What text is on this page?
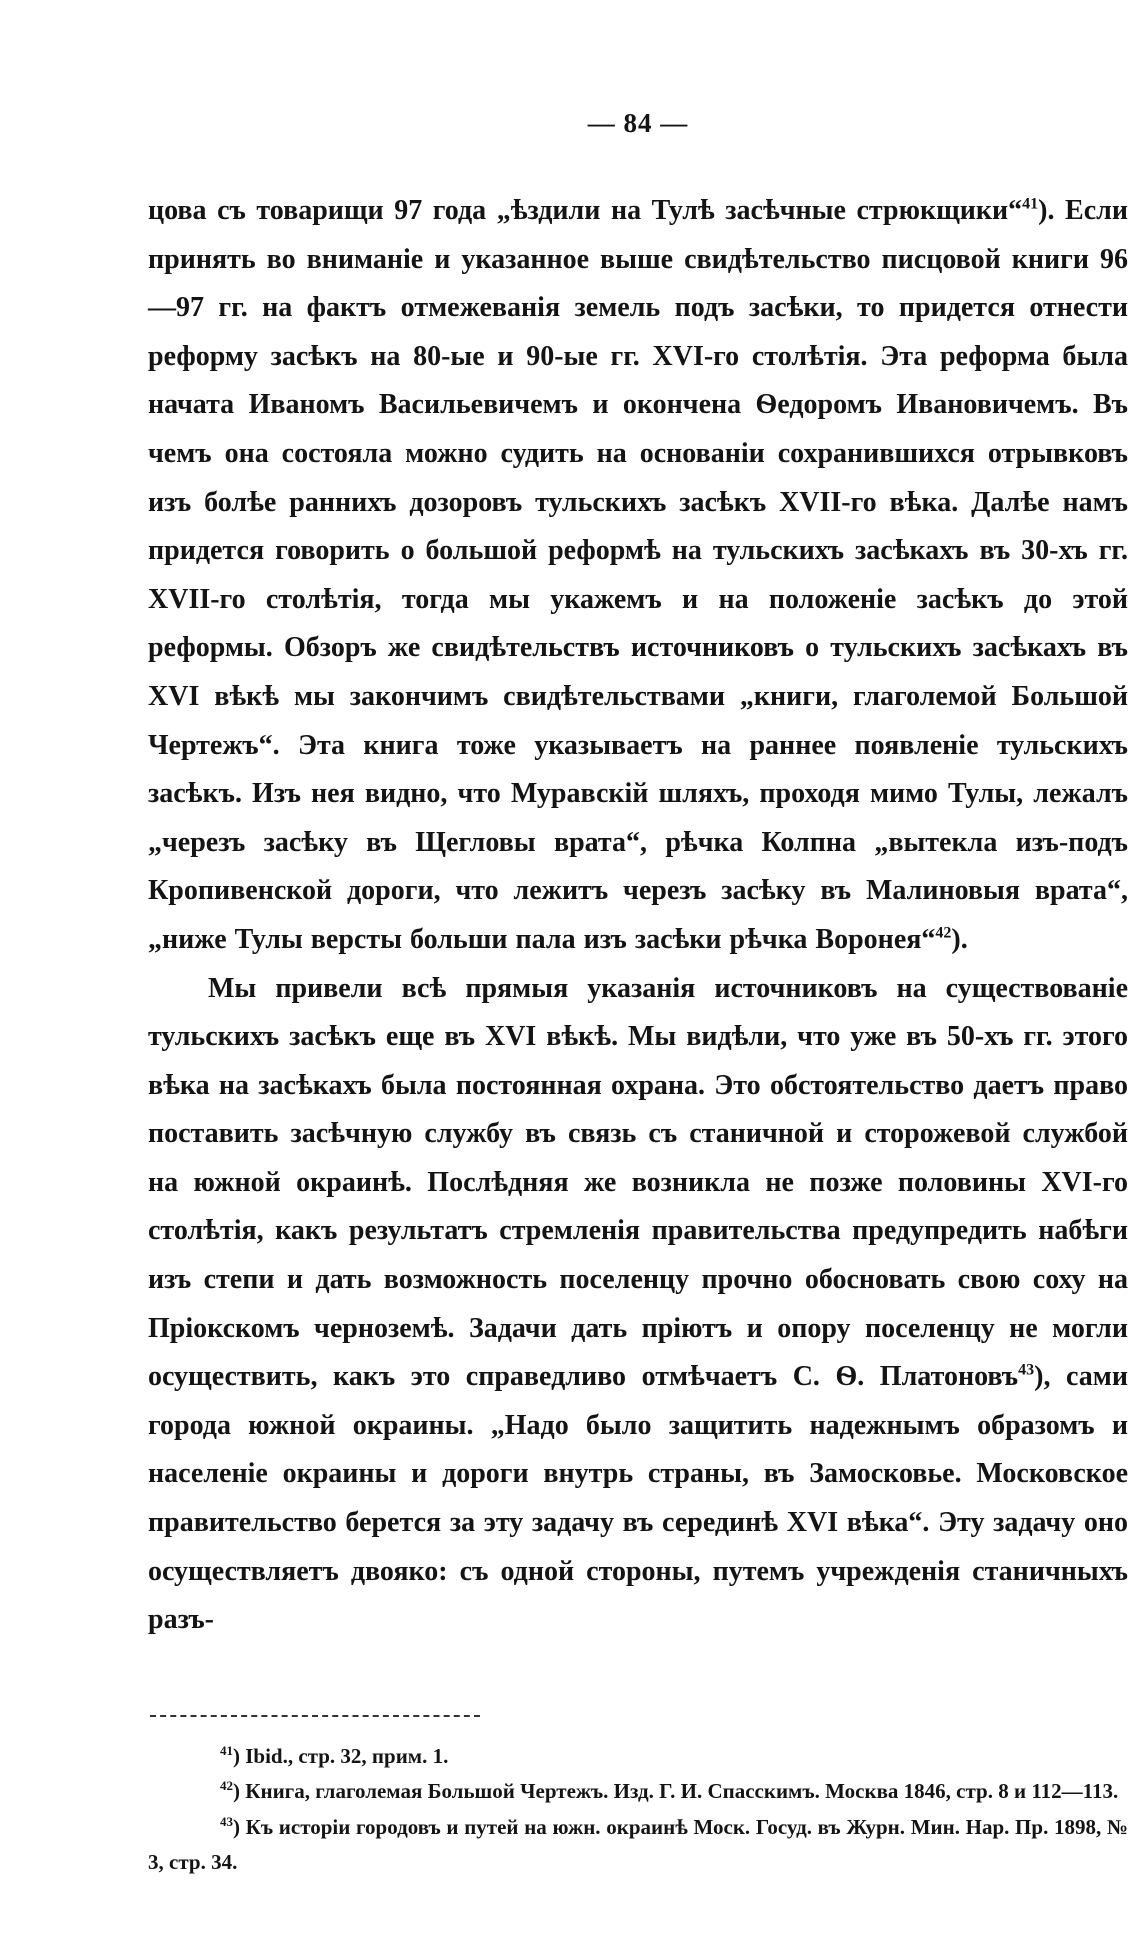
— 84 —

цова съ товарищи 97 года „ѣздили на Тулѣ засѣчные стрюкщики“$^{41}$). Если принять во вниманіе и указанное выше свидѣтельство писцовой книги 96—97 гг. на фактъ отмежеванія земель подъ засѣки, то придется отнести реформу засѣкъ на 80-ые и 90-ые гг. XVI-го столѣтія. Эта реформа была начата Иваномъ Васильевичемъ и окончена Ѳедоромъ Ивановичемъ. Въ чемъ она состояла можно судить на основаніи сохранившихся отрывковъ изъ болѣе раннихъ дозоровъ тульскихъ засѣкъ XVII-го вѣка. Далѣе намъ придется говорить о большой реформѣ на тульскихъ засѣкахъ въ 30-хъ гг. XVII-го столѣтія, тогда мы укажемъ и на положеніе засѣкъ до этой реформы. Обзоръ же свидѣтельствъ источниковъ о тульскихъ засѣкахъ въ XVI вѣкѣ мы закончимъ свидѣтельствами „книги, глаголемой Большой Чертежъ“. Эта книга тоже указываетъ на раннее появленіе тульскихъ засѣкъ. Изъ нея видно, что Муравскій шляхъ, проходя мимо Тулы, лежалъ „черезъ засѣку въ Щегловы врата“, рѣчка Колпна „вытекла изъ-подъ Кропивенской дороги, что лежитъ черезъ засѣку въ Малиновыя врата“, „ниже Тулы версты больши пала изъ засѣки рѣчка Воронея“$^{42}$).

Мы привели всѣ прямыя указанія источниковъ на существованіе тульскихъ засѣкъ еще въ XVI вѣкѣ. Мы видѣли, что уже въ 50-хъ гг. этого вѣка на засѣкахъ была постоянная охрана. Это обстоятельство даетъ право поставить засѣчную службу въ связь съ станичной и сторожевой службой на южной окраинѣ. Послѣдняя же возникла не позже половины XVI-го столѣтія, какъ результатъ стремленія правительства предупредить набѣги изъ степи и дать возможность поселенцу прочно обосновать свою соху на Пріокскомъ черноземѣ. Задачи дать пріютъ и опору поселенцу не могли осуществить, какъ это справедливо отмѣчаетъ С. Ѳ. Платоновъ$^{43}$), сами города южной окраины. „Надо было защитить надежнымъ образомъ и населеніе окраины и дороги внутрь страны, въ Замосковье. Московское правительство берется за эту задачу въ серединѣ XVI вѣка“. Эту задачу оно осуществляетъ двояко: съ одной стороны, путемъ учрежденія станичныхъ разъ-

$^{41}$) Ibid., стр. 32, прим. 1.

$^{42}$) Книга, глаголемая Большой Чертежъ. Изд. Г. И. Спасскимъ. Москва 1846, стр. 8 и 112—113.

$^{43}$) Къ исторіи городовъ и путей на южн. окраинѣ Моск. Госуд. въ Журн. Мин. Нар. Пр. 1898, № 3, стр. 34.
